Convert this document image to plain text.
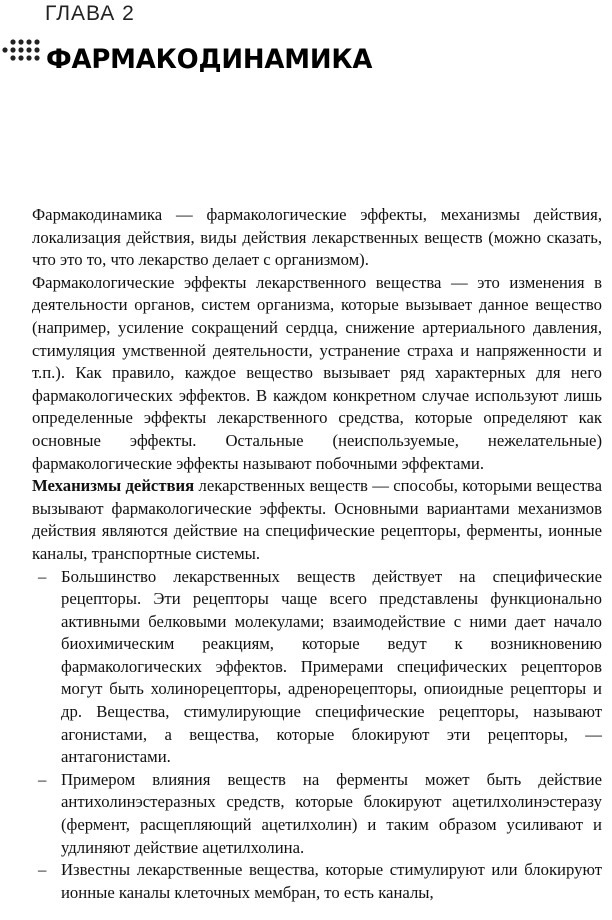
ГЛАВА 2
ФАРМАКОДИНАМИКА

Фармакодинамика — фармакологические эффекты, механизмы действия, локализация действия, виды действия лекарственных веществ (можно сказать, что это то, что лекарство делает с организмом).

Фармакологические эффекты лекарственного вещества — это изменения в деятельности органов, систем организма, которые вызывает данное вещество (например, усиление сокращений сердца, снижение артериального давления, стимуляция умственной деятельности, устранение страха и напряженности и т.п.). Как правило, каждое вещество вызывает ряд характерных для него фармакологических эффектов. В каждом конкретном случае используют лишь определенные эффекты лекарственного средства, которые определяют как основные эффекты. Остальные (неиспользуемые, нежелательные) фармакологические эффекты называют побочными эффектами.

Механизмы действия лекарственных веществ — способы, которыми вещества вызывают фармакологические эффекты. Основными вариантами механизмов действия являются действие на специфические рецепторы, ферменты, ионные каналы, транспортные системы.

– Большинство лекарственных веществ действует на специфические рецепторы. Эти рецепторы чаще всего представлены функционально активными белковыми молекулами; взаимодействие с ними дает начало биохимическим реакциям, которые ведут к возникновению фармакологических эффектов. Примерами специфических рецепторов могут быть холинорецепторы, адренорецепторы, опиоидные рецепторы и др. Вещества, стимулирующие специфические рецепторы, называют агонистами, а вещества, которые блокируют эти рецепторы, — антагонистами.

– Примером влияния веществ на ферменты может быть действие антихолинэстеразных средств, которые блокируют ацетилхолинэстеразу (фермент, расщепляющий ацетилхолин) и таким образом усиливают и удлиняют действие ацетилхолина.

– Известны лекарственные вещества, которые стимулируют или блокируют ионные каналы клеточных мембран, то есть каналы,
